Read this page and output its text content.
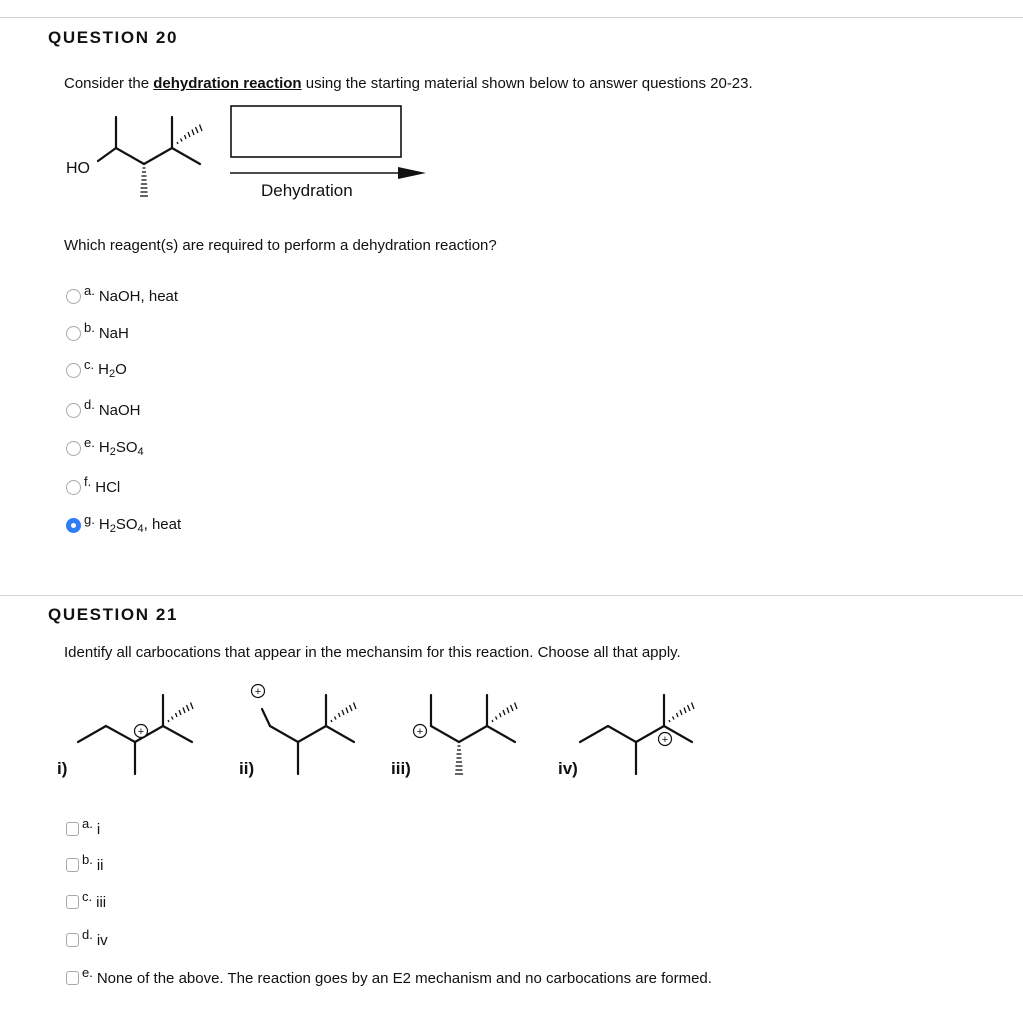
QUESTION 20
Consider the dehydration reaction using the starting material shown below to answer questions 20-23.
HO
Dehydration
Which reagent(s) are required to perform a dehydration reaction?
a. NaOH, heat
b. NaH
c. $H_2O$
d. NaOH
e. $H_2SO_4$
f. HCl
g. $H_2SO_4$, heat
QUESTION 21
Identify all carbocations that appear in the mechansim for this reaction. Choose all that apply.
+
i)
+
ii)
+
iii)
+
iv)
a. i
b. ii
c. iii
d. iv
e. None of the above. The reaction goes by an E2 mechanism and no carbocations are formed.
